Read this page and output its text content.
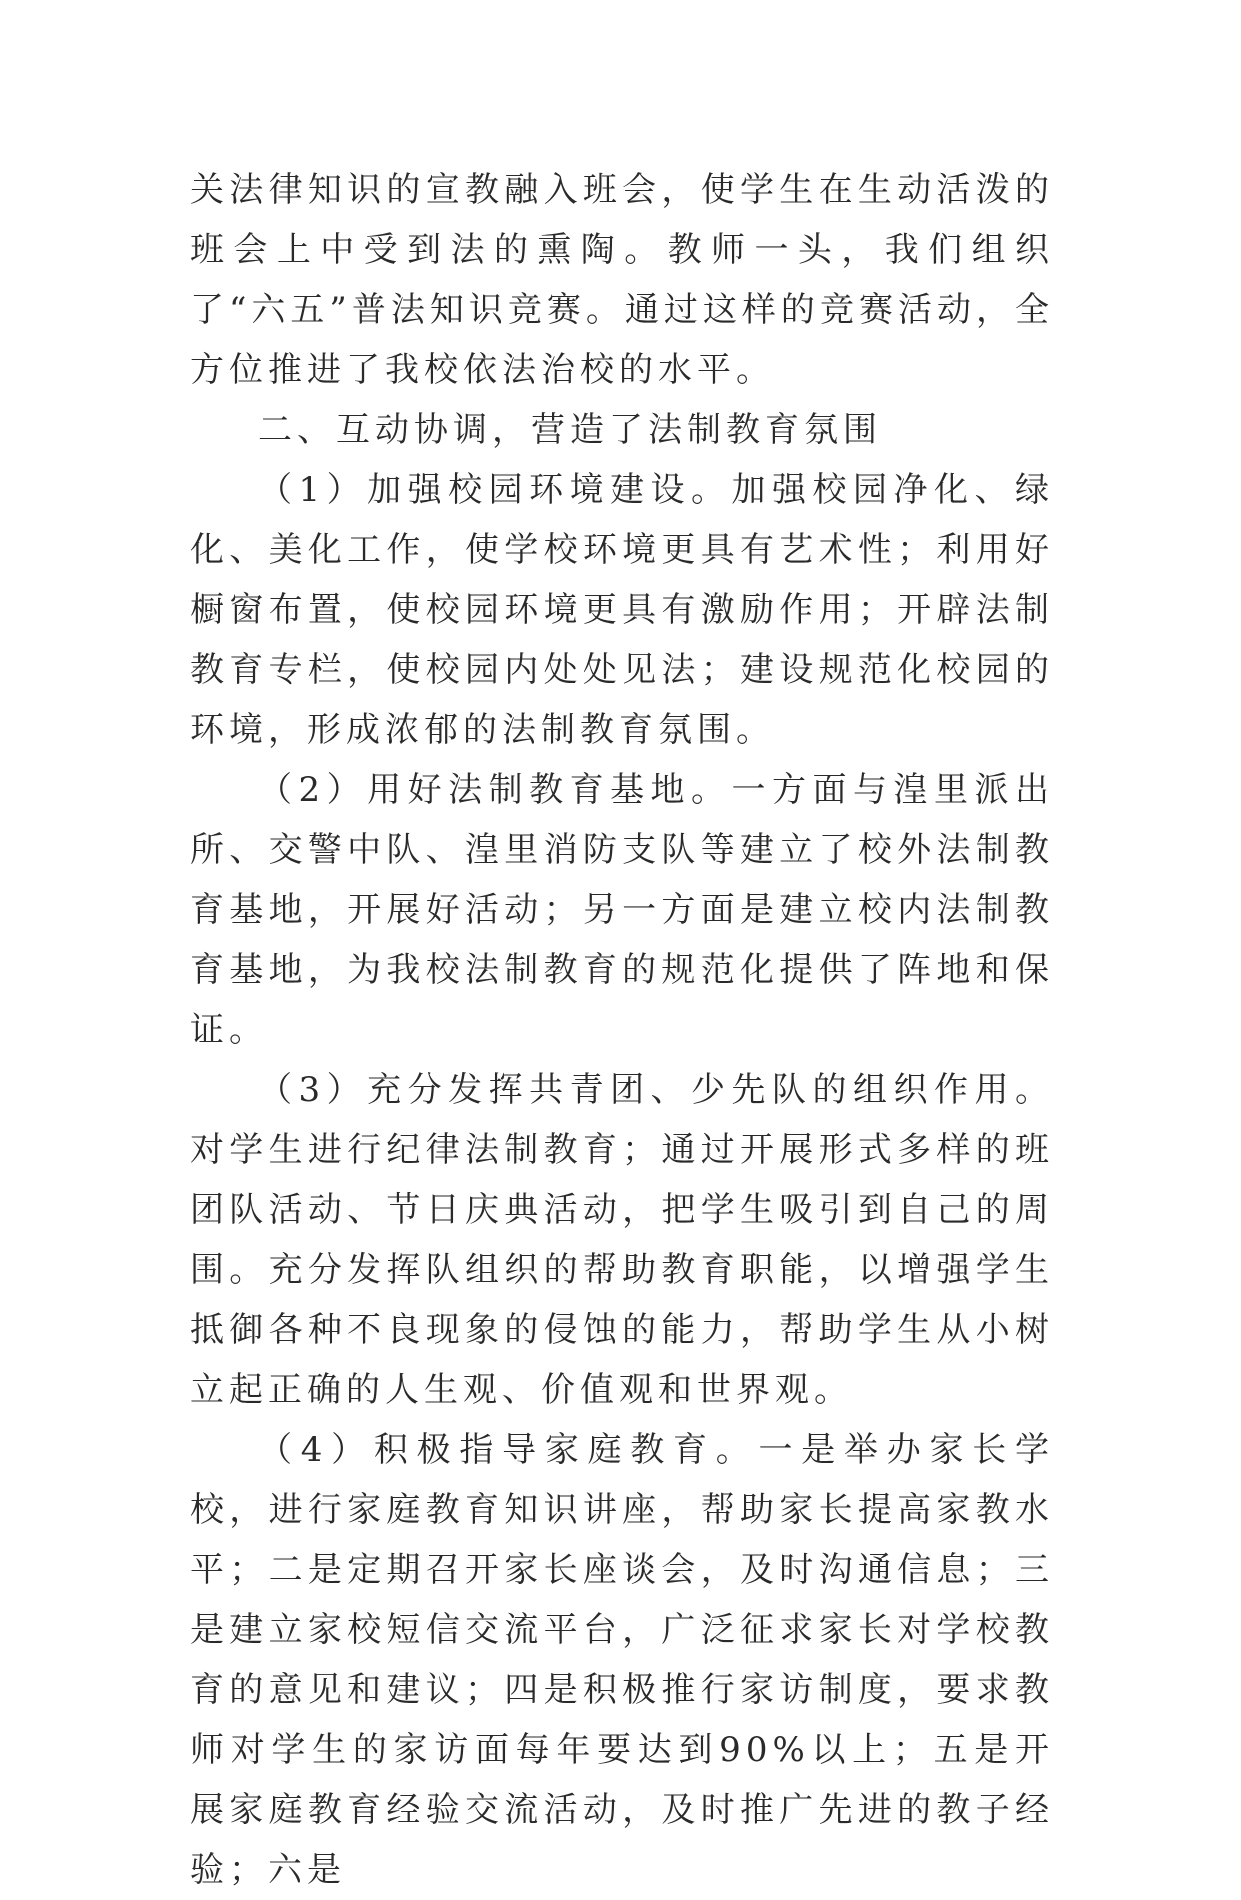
关法律知识的宣教融入班会，使学生在生动活泼的班会上中受到法的熏陶。教师一头，我们组织了“六五”普法知识竞赛。通过这样的竞赛活动，全方位推进了我校依法治校的水平。

二、互动协调，营造了法制教育氛围

（1）加强校园环境建设。加强校园净化、绿化、美化工作，使学校环境更具有艺术性；利用好橱窗布置，使校园环境更具有激励作用；开辟法制教育专栏，使校园内处处见法；建设规范化校园的环境，形成浓郁的法制教育氛围。

（2）用好法制教育基地。一方面与湟里派出所、交警中队、湟里消防支队等建立了校外法制教育基地，开展好活动；另一方面是建立校内法制教育基地，为我校法制教育的规范化提供了阵地和保证。

（3）充分发挥共青团、少先队的组织作用。对学生进行纪律法制教育；通过开展形式多样的班团队活动、节日庆典活动，把学生吸引到自己的周围。充分发挥队组织的帮助教育职能，以增强学生抵御各种不良现象的侵蚀的能力，帮助学生从小树立起正确的人生观、价值观和世界观。

（4）积极指导家庭教育。一是举办家长学校，进行家庭教育知识讲座，帮助家长提高家教水平；二是定期召开家长座谈会，及时沟通信息；三是建立家校短信交流平台，广泛征求家长对学校教育的意见和建议；四是积极推行家访制度，要求教师对学生的家访面每年要达到90%以上；五是开展家庭教育经验交流活动，及时推广先进的教子经验；六是
